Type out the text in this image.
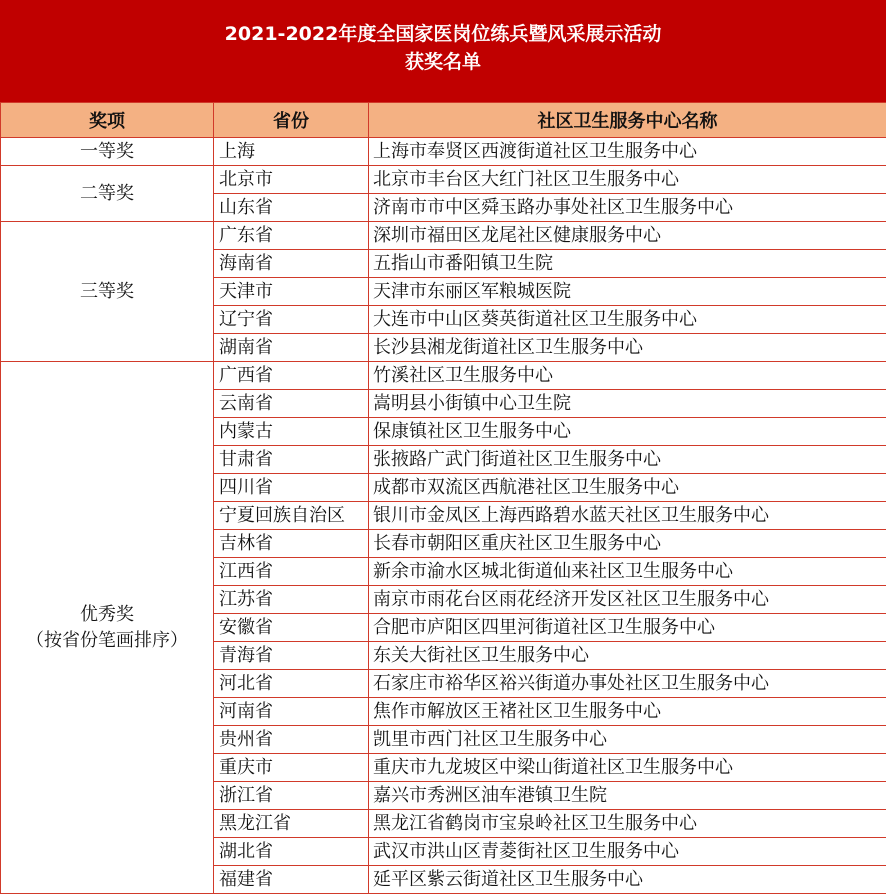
2021-2022年度全国家医岗位练兵暨风采展示活动
获奖名单
奖项	省份	社区卫生服务中心名称

一等奖	上海	上海市奉贤区西渡街道社区卫生服务中心

二等奖	北京市	北京市丰台区大红门社区卫生服务中心
	山东省	济南市市中区舜玉路办事处社区卫生服务中心

三等奖	广东省	深圳市福田区龙尾社区健康服务中心
	海南省	五指山市番阳镇卫生院
	天津市	天津市东丽区军粮城医院
	辽宁省	大连市中山区葵英街道社区卫生服务中心
	湖南省	长沙县湘龙街道社区卫生服务中心

优秀奖
（按省份笔画排序）	广西省	竹溪社区卫生服务中心
	云南省	嵩明县小街镇中心卫生院
	内蒙古	保康镇社区卫生服务中心
	甘肃省	张掖路广武门街道社区卫生服务中心
	四川省	成都市双流区西航港社区卫生服务中心
	宁夏回族自治区	银川市金凤区上海西路碧水蓝天社区卫生服务中心
	吉林省	长春市朝阳区重庆社区卫生服务中心
	江西省	新余市渝水区城北街道仙来社区卫生服务中心
	江苏省	南京市雨花台区雨花经济开发区社区卫生服务中心
	安徽省	合肥市庐阳区四里河街道社区卫生服务中心
	青海省	东关大街社区卫生服务中心
	河北省	石家庄市裕华区裕兴街道办事处社区卫生服务中心
	河南省	焦作市解放区王褚社区卫生服务中心
	贵州省	凯里市西门社区卫生服务中心
	重庆市	重庆市九龙坡区中梁山街道社区卫生服务中心
	浙江省	嘉兴市秀洲区油车港镇卫生院
	黑龙江省	黑龙江省鹤岗市宝泉岭社区卫生服务中心
	湖北省	武汉市洪山区青菱街社区卫生服务中心
	福建省	延平区紫云街道社区卫生服务中心
